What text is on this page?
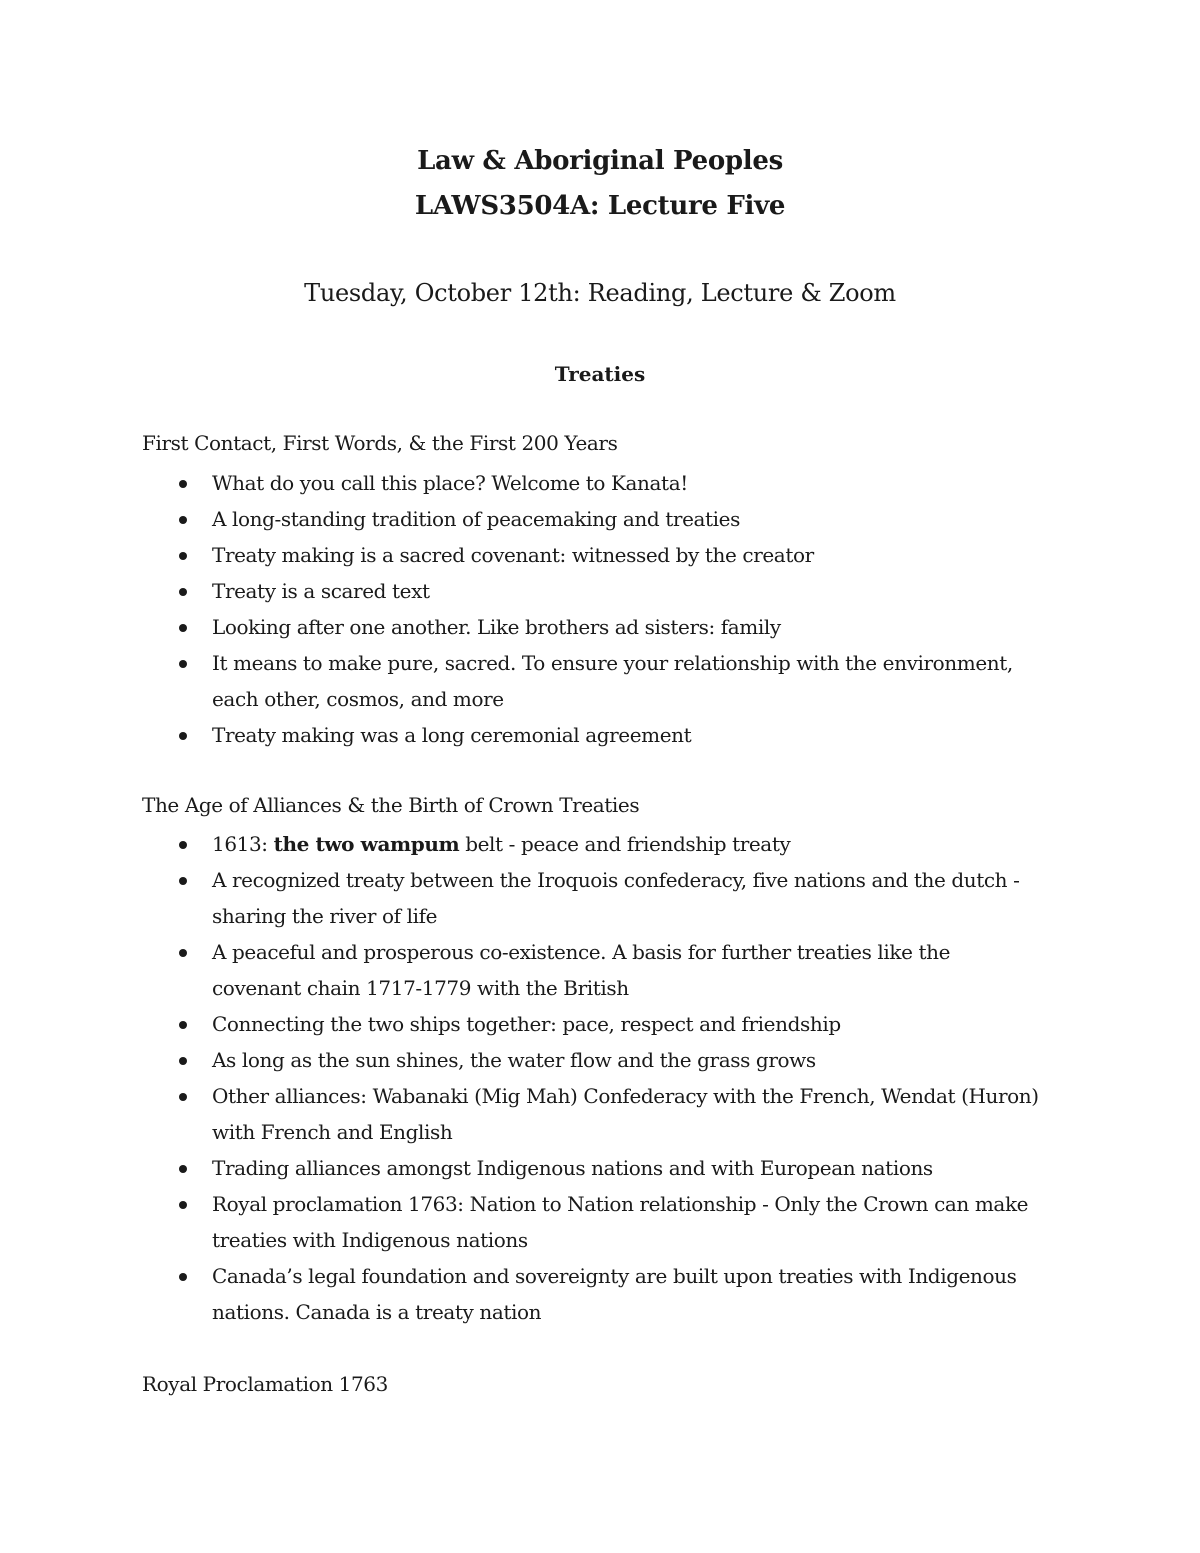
Law & Aboriginal Peoples
LAWS3504A: Lecture Five
Tuesday, October 12th: Reading, Lecture & Zoom
Treaties
First Contact, First Words, & the First 200 Years
What do you call this place? Welcome to Kanata!
A long-standing tradition of peacemaking and treaties
Treaty making is a sacred covenant: witnessed by the creator
Treaty is a scared text
Looking after one another. Like brothers ad sisters: family
It means to make pure, sacred. To ensure your relationship with the environment, each other, cosmos, and more
Treaty making was a long ceremonial agreement
The Age of Alliances & the Birth of Crown Treaties
1613: the two wampum belt - peace and friendship treaty
A recognized treaty between the Iroquois confederacy, five nations and the dutch - sharing the river of life
A peaceful and prosperous co-existence. A basis for further treaties like the covenant chain 1717-1779 with the British
Connecting the two ships together: pace, respect and friendship
As long as the sun shines, the water flow and the grass grows
Other alliances: Wabanaki (Mig Mah) Confederacy with the French, Wendat (Huron) with French and English
Trading alliances amongst Indigenous nations and with European nations
Royal proclamation 1763: Nation to Nation relationship - Only the Crown can make treaties with Indigenous nations
Canada’s legal foundation and sovereignty are built upon treaties with Indigenous nations. Canada is a treaty nation
Royal Proclamation 1763
